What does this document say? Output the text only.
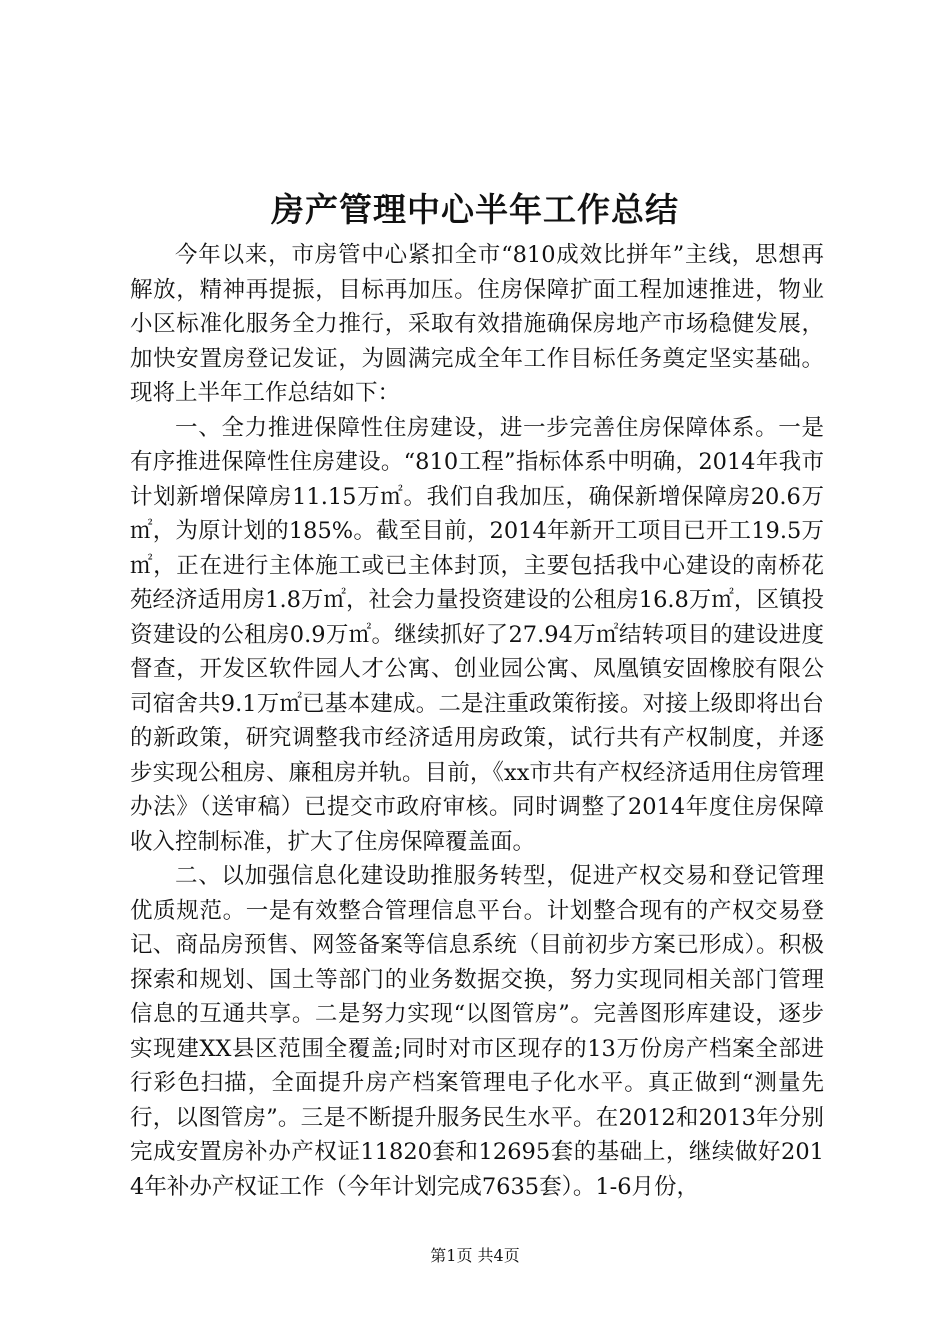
房产管理中心半年工作总结

今年以来，市房管中心紧扣全市“810成效比拼年”主线，思想再解放，精神再提振，目标再加压。住房保障扩面工程加速推进，物业小区标准化服务全力推行，采取有效措施确保房地产市场稳健发展，加快安置房登记发证，为圆满完成全年工作目标任务奠定坚实基础。现将上半年工作总结如下：

一、全力推进保障性住房建设，进一步完善住房保障体系。一是有序推进保障性住房建设。“810工程”指标体系中明确，2014年我市计划新增保障房11.15万㎡。我们自我加压，确保新增保障房20.6万㎡，为原计划的185%。截至目前，2014年新开工项目已开工19.5万㎡，正在进行主体施工或已主体封顶，主要包括我中心建设的南桥花苑经济适用房1.8万㎡，社会力量投资建设的公租房16.8万㎡，区镇投资建设的公租房0.9万㎡。继续抓好了27.94万㎡结转项目的建设进度督查，开发区软件园人才公寓、创业园公寓、凤凰镇安固橡胶有限公司宿舍共9.1万㎡已基本建成。二是注重政策衔接。对接上级即将出台的新政策，研究调整我市经济适用房政策，试行共有产权制度，并逐步实现公租房、廉租房并轨。目前，《xx市共有产权经济适用住房管理办法》（送审稿）已提交市政府审核。同时调整了2014年度住房保障收入控制标准，扩大了住房保障覆盖面。

二、以加强信息化建设助推服务转型，促进产权交易和登记管理优质规范。一是有效整合管理信息平台。计划整合现有的产权交易登记、商品房预售、网签备案等信息系统（目前初步方案已形成）。积极探索和规划、国土等部门的业务数据交换，努力实现同相关部门管理信息的互通共享。二是努力实现“以图管房”。完善图形库建设，逐步实现建XX县区范围全覆盖;同时对市区现存的13万份房产档案全部进行彩色扫描，全面提升房产档案管理电子化水平。真正做到“测量先行，以图管房”。三是不断提升服务民生水平。在2012和2013年分别完成安置房补办产权证11820套和12695套的基础上，继续做好2014年补办产权证工作（今年计划完成7635套）。1-6月份，

第1页 共4页
